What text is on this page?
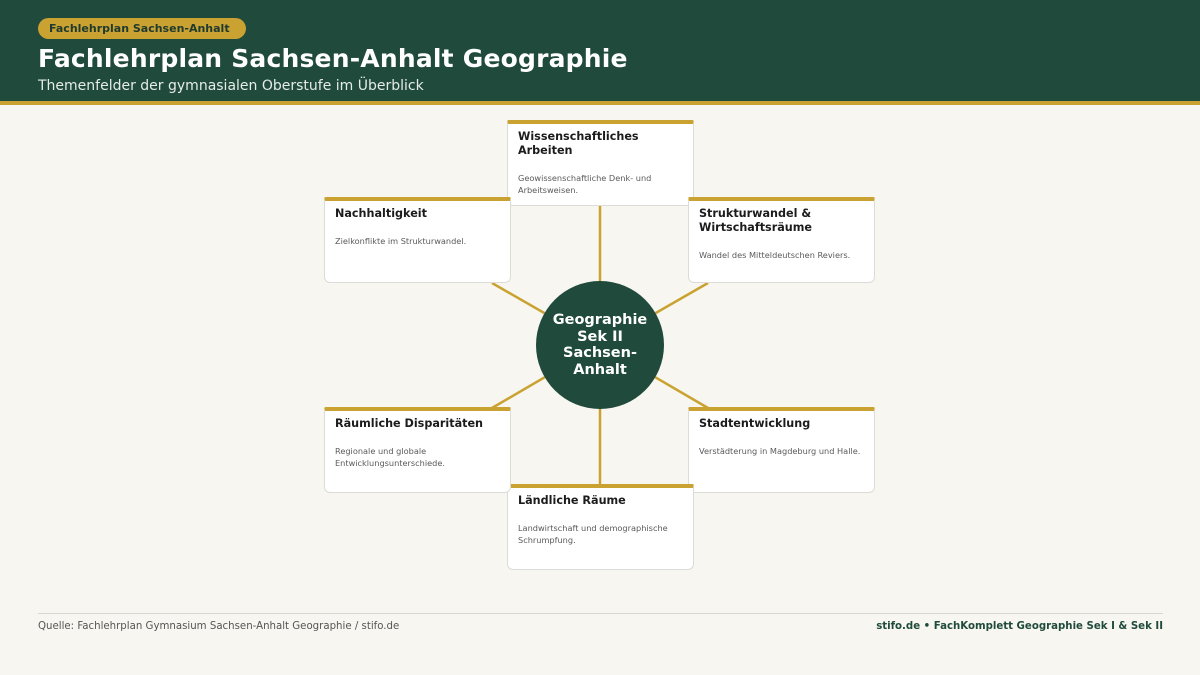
Fachlehrplan Sachsen-Anhalt
Fachlehrplan Sachsen-Anhalt Geographie
Themenfelder der gymnasialen Oberstufe im Überblick
Wissenschaftliches Arbeiten
Geowissenschaftliche Denk- und Arbeitsweisen.
Strukturwandel & Wirtschaftsräume
Wandel des Mitteldeutschen Reviers.
Stadtentwicklung
Verstädterung in Magdeburg und Halle.
Ländliche Räume
Landwirtschaft und demographische Schrumpfung.
Räumliche Disparitäten
Regionale und globale Entwicklungsunterschiede.
Nachhaltigkeit
Zielkonflikte im Strukturwandel.
Geographie Sek II Sachsen-Anhalt
Quelle: Fachlehrplan Gymnasium Sachsen-Anhalt Geographie / stifo.de	stifo.de • FachKomplett Geographie Sek I & Sek II
